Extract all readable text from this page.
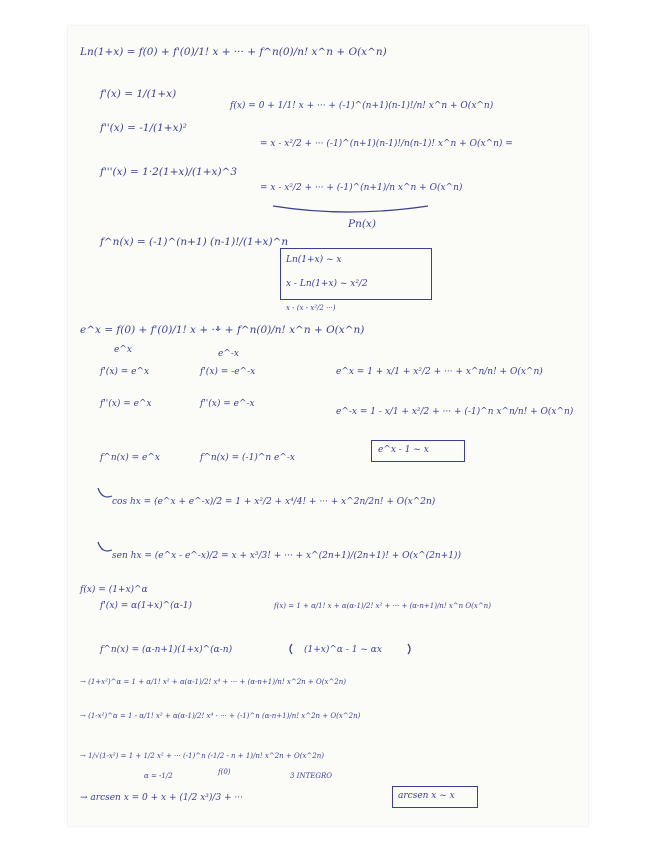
Ln(1+x) = f(0) + f'(0)/1! x + ··· + f^n(0)/n! x^n + O(x^n)
f'(x) = 1/(1+x)
f''(x) = -1/(1+x)²
f'''(x) = 1·2(1+x)/(1+x)^3
f^n(x) = (-1)^(n+1) (n-1)!/(1+x)^n
f(x) = 0 + 1/1! x + ··· + (-1)^(n+1)(n-1)!/n! x^n + O(x^n)
= x - x²/2 + ··· (-1)^(n+1)(n-1)!/n(n-1)! x^n + O(x^n) =
= x - x²/2 + ··· + (-1)^(n+1)/n x^n + O(x^n)
Pn(x)
Ln(1+x) ~ x
x - Ln(1+x) ~ x²/2
x - (x - x²/2 ···)
e^x = f(0) + f'(0)/1! x + ··· + f^n(0)/n! x^n + O(x^n)
e^x	e^-x
f'(x) = e^x	f'(x) = -e^-x	e^x = 1 + x/1 + x²/2 + ··· + x^n/n! + O(x^n)
f''(x) = e^x	f''(x) = e^-x
e^-x = 1 - x/1 + x²/2 + ··· + (-1)^n x^n/n! + O(x^n)
f^n(x) = e^x	f^n(x) = (-1)^n e^-x
e^x - 1 ~ x
cos hx = (e^x + e^-x)/2 = 1 + x²/2 + x⁴/4! + ··· + x^2n/2n! + O(x^2n)
sen hx = (e^x - e^-x)/2 = x + x³/3! + ··· + x^(2n+1)/(2n+1)! + O(x^(2n+1))
f(x) = (1+x)^α
f'(x) = α(1+x)^(α-1)	f(x) = 1 + α/1! x + α(α-1)/2! x² + ··· + (α-n+1)/n! x^n O(x^n)
f^n(x) = (α-n+1)(1+x)^(α-n)	(1+x)^α - 1 ~ αx
→ (1+x²)^α = 1 + α/1! x² + α(α-1)/2! x⁴ + ··· + (α-n+1)/n! x^2n + O(x^2n)
→ (1-x²)^α = 1 - α/1! x² + α(α-1)/2! x⁴ - ··· + (-1)^n (α-n+1)/n! x^2n + O(x^2n)
→ 1/√(1-x²) = 1 + 1/2 x² + ··· (-1)^n (-1/2 - n + 1)/n! x^2n + O(x^2n)
α = -1/2	f(0)	3 INTEGRO
→ arcsen x = 0 + x + (1/2 x³)/3 + ···	arcsen x ~ x
